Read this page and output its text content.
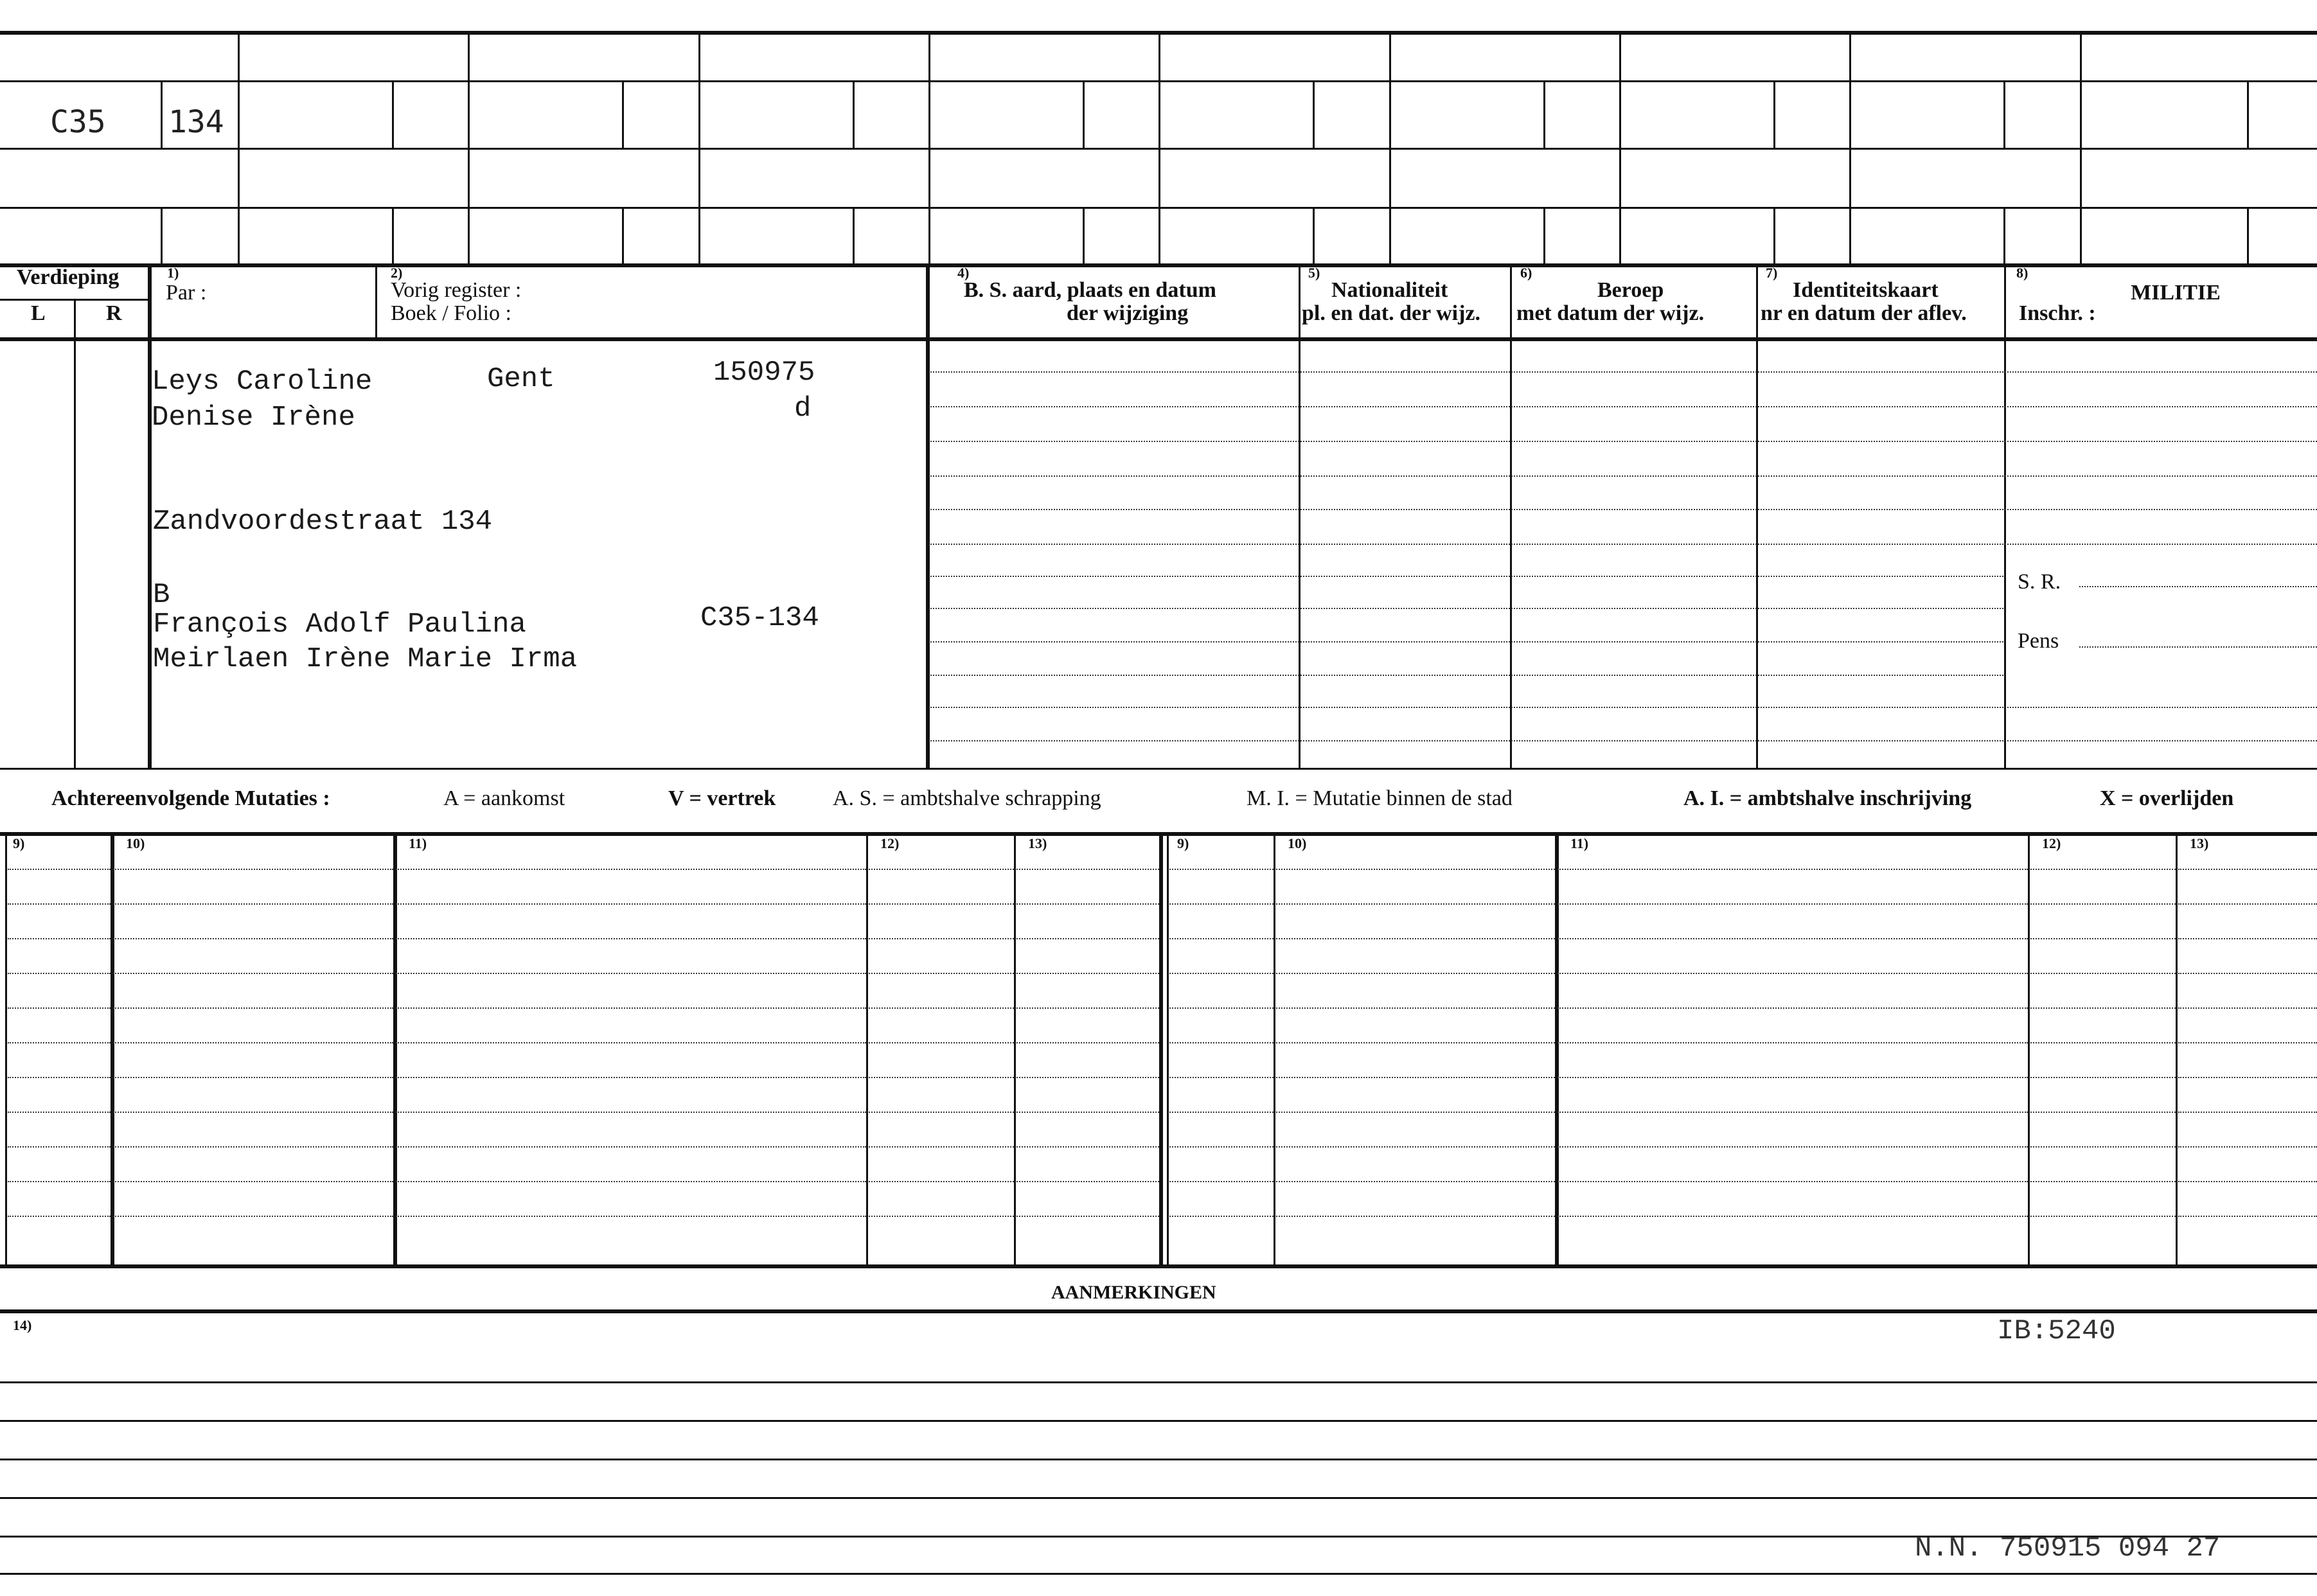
C35 134
Verdieping
L	R
1)
Par :
2)
Vorig register :
Boek / Folio :
4)
B. S. aard, plaats en datum
der wijziging
5)
Nationaliteit
pl. en dat. der wijz.
6)
Beroep
met datum der wijz.
7)
Identiteitskaart
nr en datum der aflev.
8)
MILITIE
Inschr. :
S. R.
Pens
Leys Caroline
Denise Irène
Gent	150975
d
Zandvoordestraat 134
B
François Adolf Paulina
Meirlaen Irène Marie Irma
C35-134
Achtereenvolgende Mutaties :	A = aankomst	V = vertrek	A. S. = ambtshalve schrapping	M. I. = Mutatie binnen de stad	A. I. = ambtshalve inschrijving	X = overlijden
9)	10)	11)	12)	13)	9)	10)	11)	12)	13)
AANMERKINGEN
14)	IB:5240
N.N. 750915 094 27
